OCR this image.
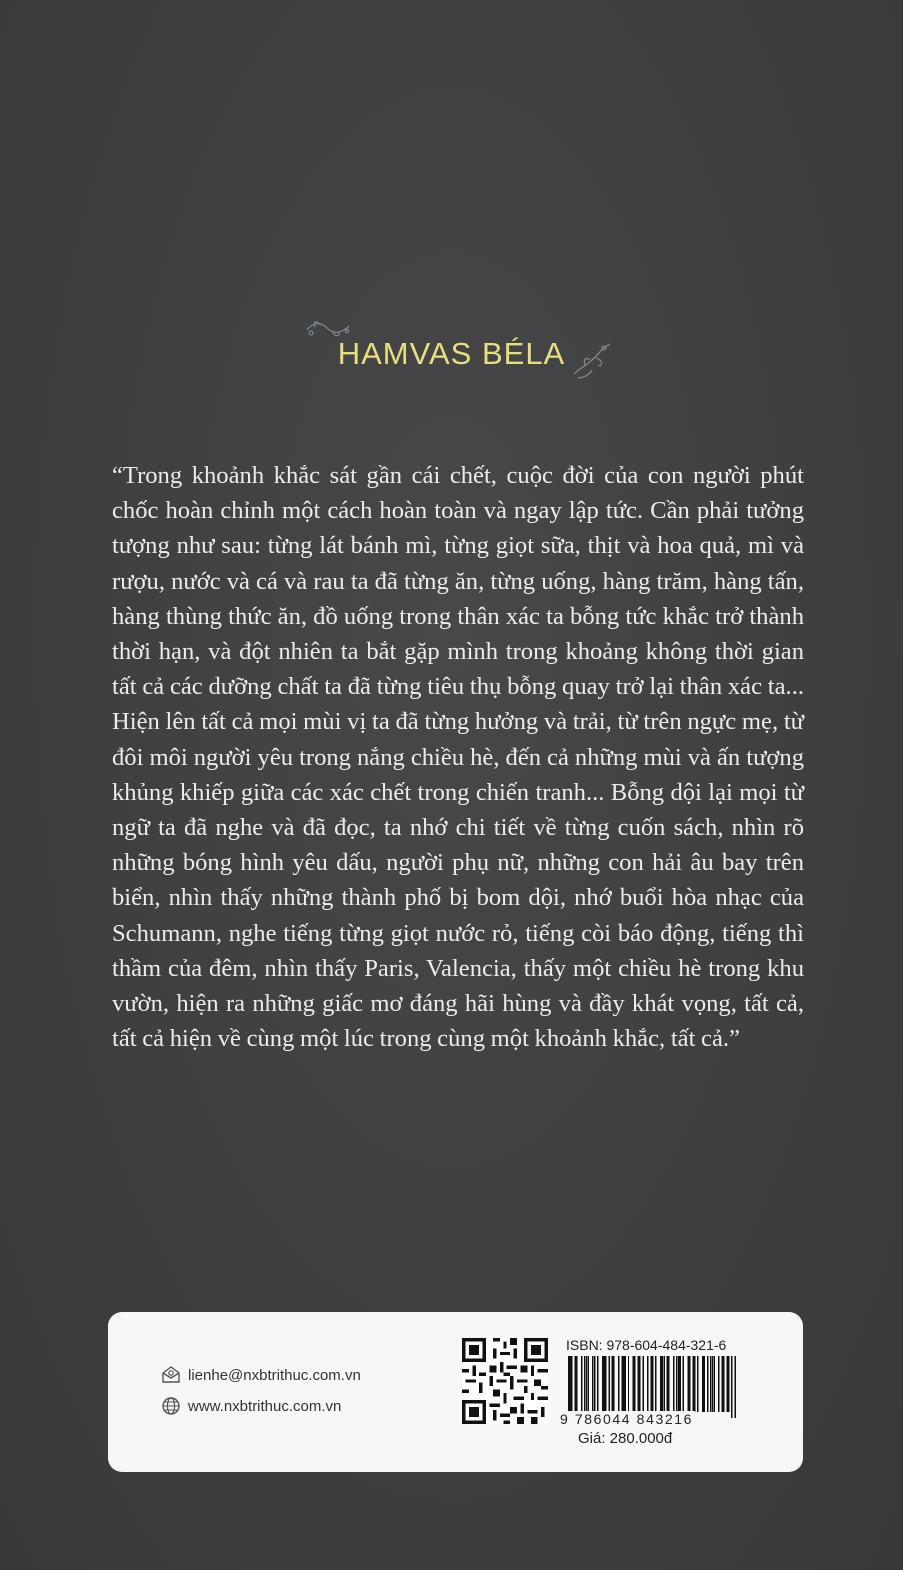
HAMVAS BÉLA

“Trong khoảnh khắc sát gần cái chết, cuộc đời của con người phút chốc hoàn chỉnh một cách hoàn toàn và ngay lập tức. Cần phải tưởng tượng như sau: từng lát bánh mì, từng giọt sữa, thịt và hoa quả, mì và rượu, nước và cá và rau ta đã từng ăn, từng uống, hàng trăm, hàng tấn, hàng thùng thức ăn, đồ uống trong thân xác ta bỗng tức khắc trở thành thời hạn, và đột nhiên ta bắt gặp mình trong khoảng không thời gian tất cả các dưỡng chất ta đã từng tiêu thụ bỗng quay trở lại thân xác ta... Hiện lên tất cả mọi mùi vị ta đã từng hưởng và trải, từ trên ngực mẹ, từ đôi môi người yêu trong nắng chiều hè, đến cả những mùi và ấn tượng khủng khiếp giữa các xác chết trong chiến tranh... Bỗng dội lại mọi từ ngữ ta đã nghe và đã đọc, ta nhớ chi tiết về từng cuốn sách, nhìn rõ những bóng hình yêu dấu, người phụ nữ, những con hải âu bay trên biển, nhìn thấy những thành phố bị bom dội, nhớ buổi hòa nhạc của Schumann, nghe tiếng từng giọt nước rỏ, tiếng còi báo động, tiếng thì thầm của đêm, nhìn thấy Paris, Valencia, thấy một chiều hè trong khu vườn, hiện ra những giấc mơ đáng hãi hùng và đầy khát vọng, tất cả, tất cả hiện về cùng một lúc trong cùng một khoảnh khắc, tất cả.”

lienhe@nxbtrithuc.com.vn
www.nxbtrithuc.com.vn
ISBN: 978-604-484-321-6
9 786044 843216
Giá: 280.000đ
